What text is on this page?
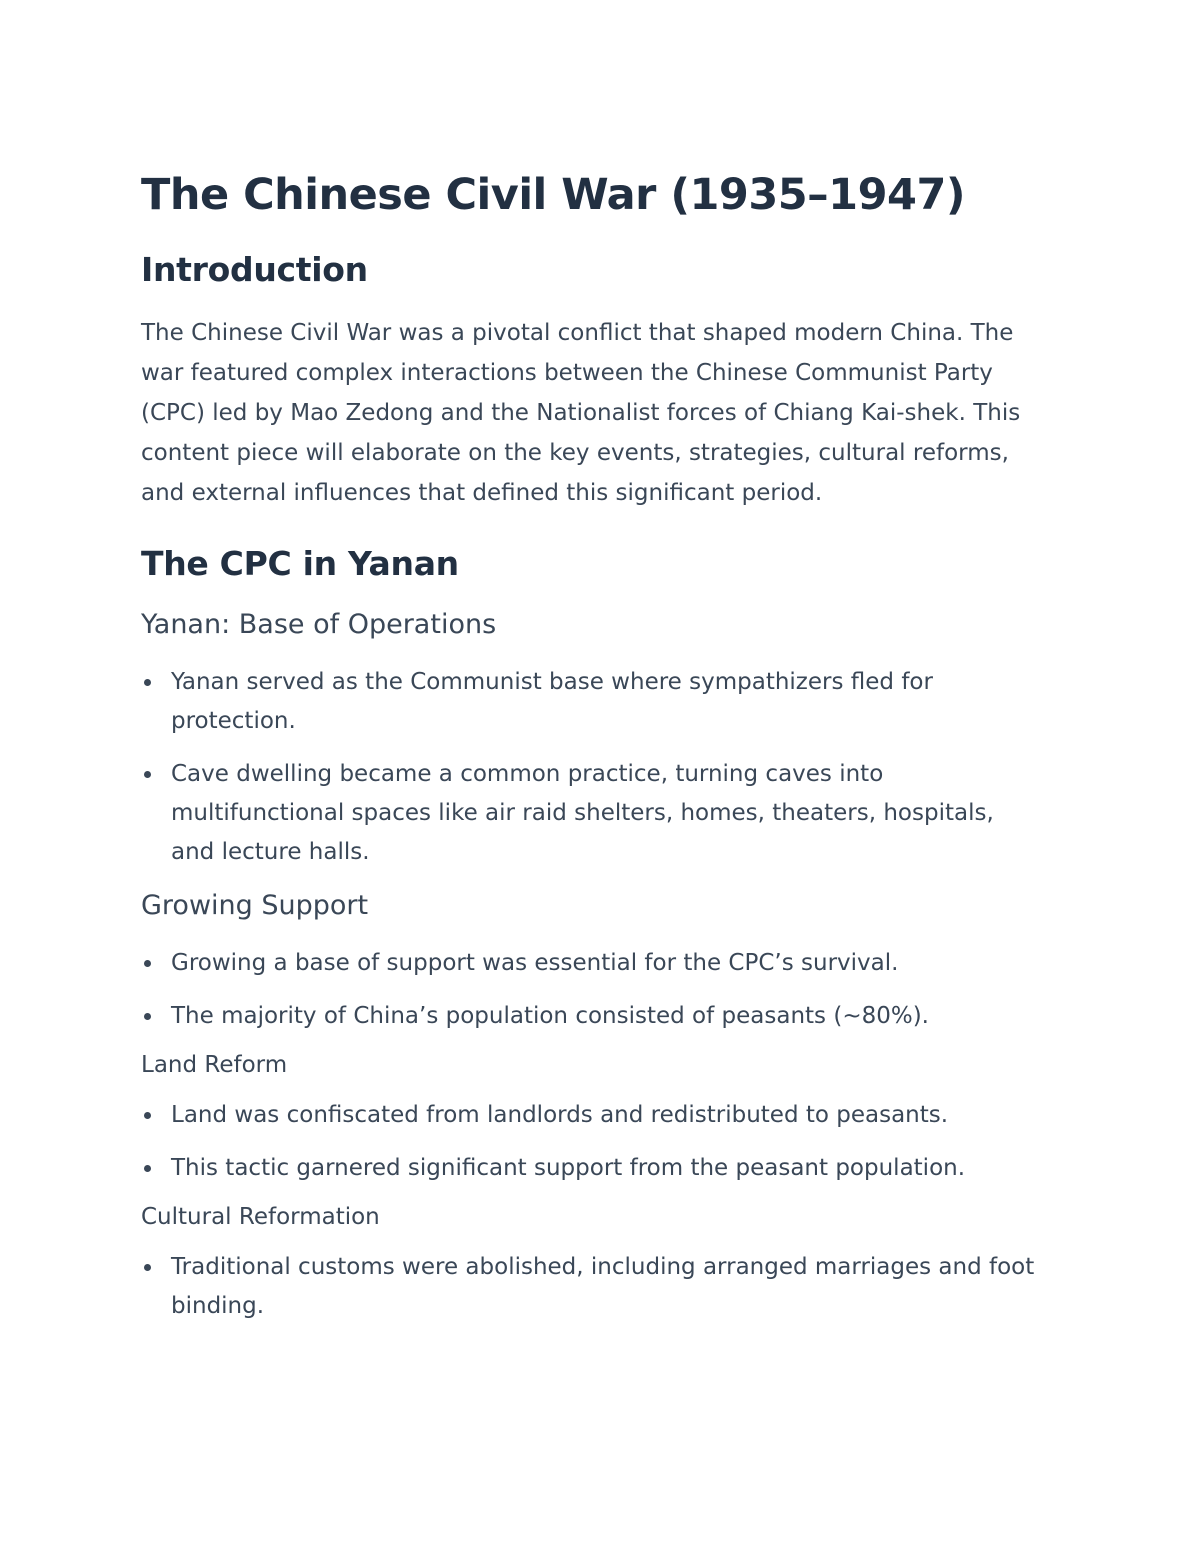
The Chinese Civil War (1935–1947)
Introduction

The Chinese Civil War was a pivotal conflict that shaped modern China. The war featured complex interactions between the Chinese Communist Party (CPC) led by Mao Zedong and the Nationalist forces of Chiang Kai-shek. This content piece will elaborate on the key events, strategies, cultural reforms, and external influences that defined this significant period.

The CPC in Yanan
Yanan: Base of Operations
Yanan served as the Communist base where sympathizers fled for protection.
Cave dwelling became a common practice, turning caves into multifunctional spaces like air raid shelters, homes, theaters, hospitals, and lecture halls.
Growing Support
Growing a base of support was essential for the CPC’s survival.
The majority of China’s population consisted of peasants (~80%).
Land Reform
Land was confiscated from landlords and redistributed to peasants.
This tactic garnered significant support from the peasant population.
Cultural Reformation
Traditional customs were abolished, including arranged marriages and foot binding.
